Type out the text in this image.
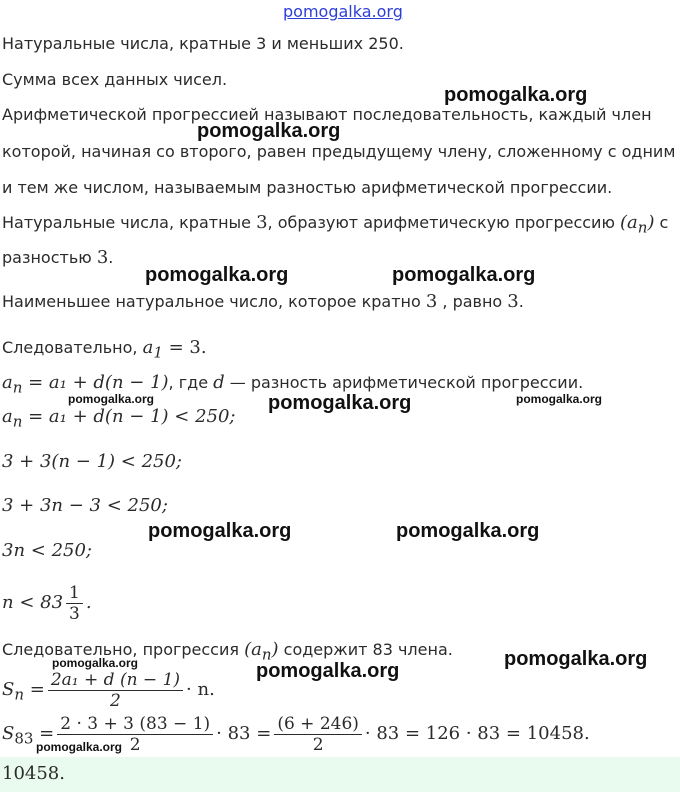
pomogalka.org
Натуральные числа, кратные 3 и меньших 250.
Сумма всех данных чисел.
Арифметической прогрессией называют последовательность, каждый член
которой, начиная со второго, равен предыдущему члену, сложенному с одним
и тем же числом, называемым разностью арифметической прогрессии.
Натуральные числа, кратные 3, образуют арифметическую прогрессию $(a_n)$ с
разностью 3.
Наименьшее натуральное число, которое кратно 3 , равно 3.
Следовательно, $a_1 = 3$.
$a_n = a_1 + d(n - 1)$, где d — разность арифметической прогрессии.
$a_n = a_1 + d(n - 1) < 250$;
3 + 3(n − 1) < 250;
3 + 3n − 3 < 250;
3n < 250;
$n < 83 \frac{1}{3}$ .
Следовательно, прогрессия $(a_n)$ содержит 83 члена.
$S_n = \frac{\text{2a₁ + d (n − 1)}}{2} \cdot n$.
$S_{83} = \frac{2 \cdot 3 + 3 (83 - 1)}{2} \cdot 83 = \frac{(6 + 246)}{2} \cdot 83 = 126 \cdot 83 = 10458$.
10458.
pomogalka.org
pomogalka.org
pomogalka.org	pomogalka.org
pomogalka.org	pomogalka.org	pomogalka.org
pomogalka.org	pomogalka.org
pomogalka.org
pomogalka.org	pomogalka.org
pomogalka.org
